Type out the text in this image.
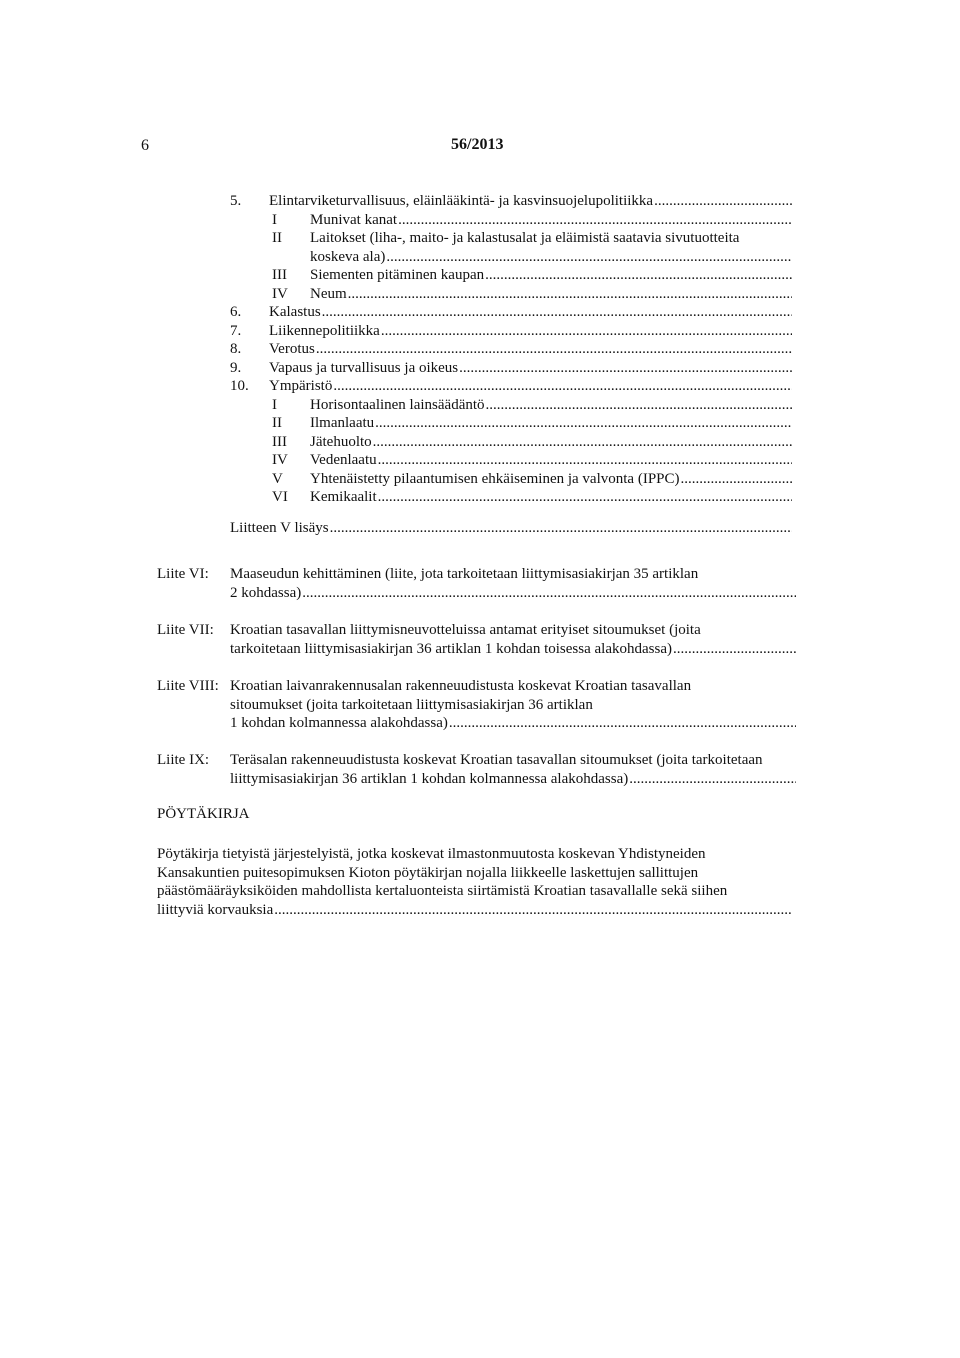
6	56/2013
5. Elintarviketurvallisuus, eläinlääkintä- ja kasvinsuojelupolitiikka
.....
I Munivat kanat
.....
II Laitokset (liha-, maito- ja kalastusalat ja eläimistä saatavia sivutuotteita
koskeva ala)
.....
III Siementen pitäminen kaupan
.....
IV Neum
.....
6. Kalastus
.....
7. Liikennepolitiikka
.....
8. Verotus
.....
9. Vapaus ja turvallisuus ja oikeus
.....
10. Ympäristö
.....
I Horisontaalinen lainsäädäntö
.....
II Ilmanlaatu
.....
III Jätehuolto
.....
IV Vedenlaatu
.....
V Yhtenäistetty pilaantumisen ehkäiseminen ja valvonta (IPPC)
.....
VI Kemikaalit
.....
Liitteen V lisäys
.....
Liite VI: Maaseudun kehittäminen (liite, jota tarkoitetaan liittymisasiakirjan 35 artiklan
2 kohdassa)
.....
Liite VII: Kroatian tasavallan liittymisneuvotteluissa antamat erityiset sitoumukset (joita
tarkoitetaan liittymisasiakirjan 36 artiklan 1 kohdan toisessa alakohdassa)
.....
Liite VIII: Kroatian laivanrakennusalan rakenneuudistusta koskevat Kroatian tasavallan
sitoumukset (joita tarkoitetaan liittymisasiakirjan 36 artiklan
1 kohdan kolmannessa alakohdassa)
.....
Liite IX: Teräsalan rakenneuudistusta koskevat Kroatian tasavallan sitoumukset (joita tarkoitetaan
liittymisasiakirjan 36 artiklan 1 kohdan kolmannessa alakohdassa)
.....
PÖYTÄKIRJA
Pöytäkirja tietyistä järjestelyistä, jotka koskevat ilmastonmuutosta koskevan Yhdistyneiden
Kansakuntien puitesopimuksen Kioton pöytäkirjan nojalla liikkeelle laskettujen sallittujen
päästömääräyksiköiden mahdollista kertaluonteista siirtämistä Kroatian tasavallalle sekä siihen
liittyviä korvauksia
.....
